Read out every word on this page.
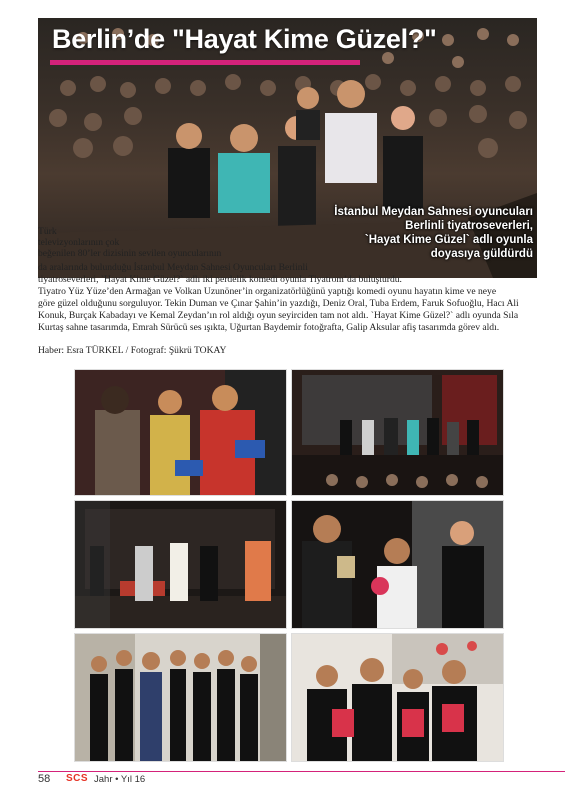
Berlin’de "Hayat Kime Güzel?"
İstanbul Meydan Sahnesi oyuncuları
Berlinli tiyatroseverleri,
`Hayat Kime Güzel` adlı oyunla
doyasıya güldürdü
Türk
televizyonlarının çok
beğenilen 80’ler dizisinin sevilen oyuncularının
da aralarında bulunduğu İstanbul Meydan Sahnesi Oyuncuları Berlinli
tiyatroseverleri, `Hayat Kime Güzel?` adlı iki perdelik komedi oyunla Tiyatrom’da buluşturdu.
Tiyatro Yüz Yüze’den Armağan ve Volkan Uzunöner’in organizatörlüğünü yaptığı komedi oyunu hayatın kime ve neye
göre güzel olduğunu sorguluyor. Tekin Duman ve Çınar Şahin’in yazdığı, Deniz Oral, Tuba Erdem, Faruk Sofuoğlu, Hacı Ali
Konuk, Burçak Kabadayı ve Kemal Zeydan’ın rol aldığı oyun seyirciden tam not aldı. `Hayat Kime Güzel?` adlı oyunda Sıla
Kurtaş sahne tasarımda, Emrah Sürücü ses ışıkta, Uğurtan Baydemir fotoğrafta, Galip Aksular afiş tasarımda görev aldı.
Haber: Esra TÜRKEL / Fotograf: Şükrü TOKAY
58 SCS Jahr • Yıl 16
